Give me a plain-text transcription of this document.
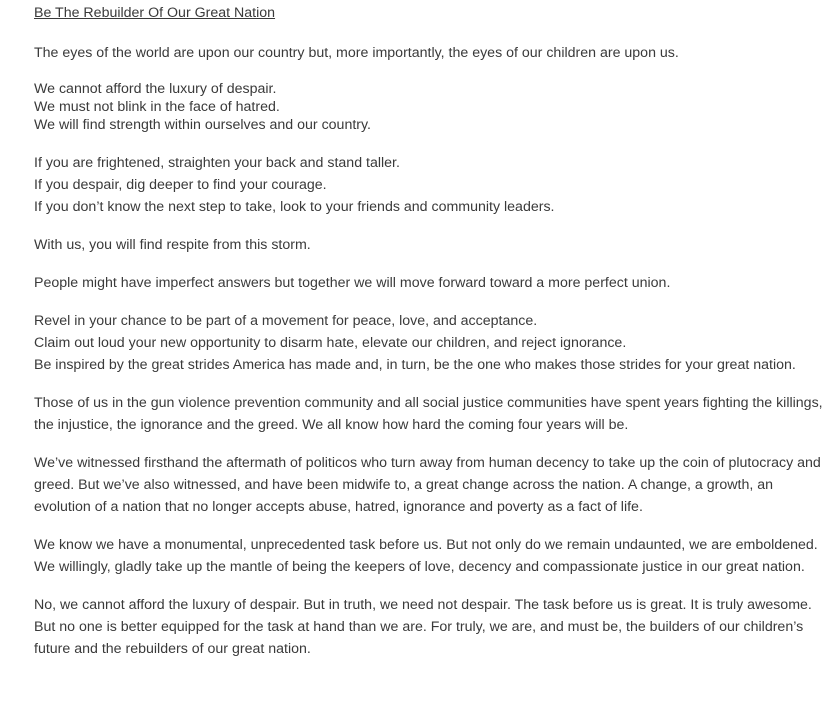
Be The Rebuilder Of Our Great Nation
The eyes of the world are upon our country but, more importantly, the eyes of our children are upon us.
We cannot afford the luxury of despair.
We must not blink in the face of hatred.
We will find strength within ourselves and our country.
If you are frightened, straighten your back and stand taller.
If you despair, dig deeper to find your courage.
If you don’t know the next step to take, look to your friends and community leaders.
With us, you will find respite from this storm.
People might have imperfect answers but together we will move forward toward a more perfect union.
Revel in your chance to be part of a movement for peace, love, and acceptance.
Claim out loud your new opportunity to disarm hate, elevate our children, and reject ignorance.
Be inspired by the great strides America has made and, in turn, be the one who makes those strides for your great nation.
Those of us in the gun violence prevention community and all social justice communities have spent years fighting the killings, the injustice, the ignorance and the greed. We all know how hard the coming four years will be.
We’ve witnessed firsthand the aftermath of politicos who turn away from human decency to take up the coin of plutocracy and greed. But we’ve also witnessed, and have been midwife to, a great change across the nation. A change, a growth, an evolution of a nation that no longer accepts abuse, hatred, ignorance and poverty as a fact of life.
We know we have a monumental, unprecedented task before us. But not only do we remain undaunted, we are emboldened. We willingly, gladly take up the mantle of being the keepers of love, decency and compassionate justice in our great nation.
No, we cannot afford the luxury of despair. But in truth, we need not despair. The task before us is great. It is truly awesome. But no one is better equipped for the task at hand than we are. For truly, we are, and must be, the builders of our children’s future and the rebuilders of our great nation.
